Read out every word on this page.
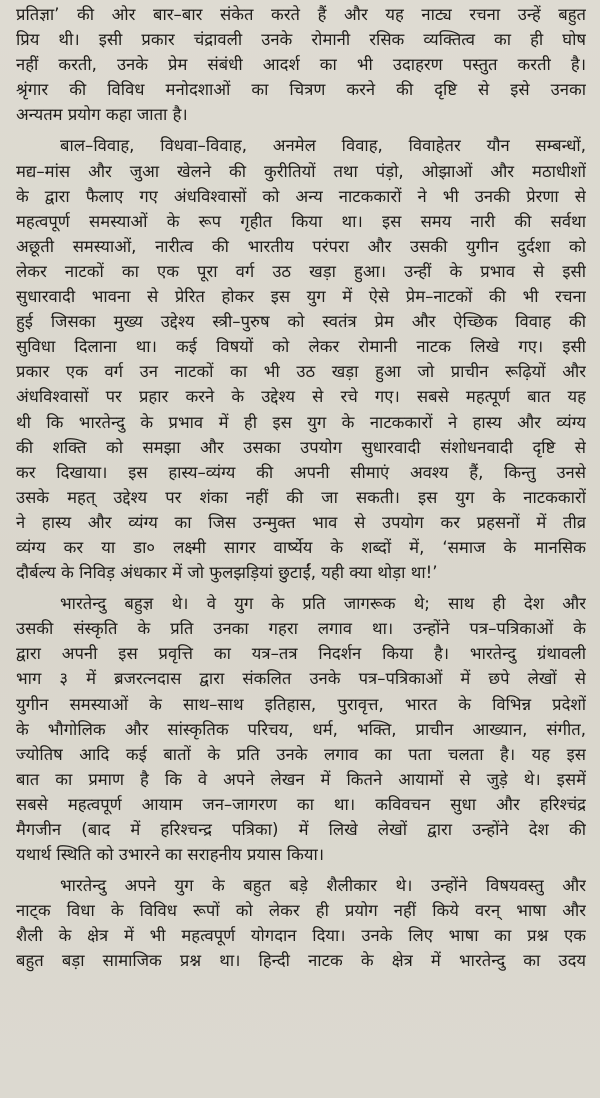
प्रतिज्ञा’ की ओर बार–बार संकेत करते हैं और यह नाट्य रचना उन्हें बहुत
प्रिय थी। इसी प्रकार चंद्रावली उनके रोमानी रसिक व्यक्तित्व का ही घोष
नहीं करती, उनके प्रेम संबंधी आदर्श का भी उदाहरण पस्तुत करती है।
श्रृंगार की विविध मनोदशाओं का चित्रण करने की दृष्टि से इसे उनका
अन्यतम प्रयोग कहा जाता है।

बाल–विवाह, विधवा–विवाह, अनमेल विवाह, विवाहेतर यौन सम्बन्धों,
मद्य–मांस और जुआ खेलने की कुरीतियों तथा पंड़ो, ओझाओं और मठाधीशों
के द्वारा फैलाए गए अंधविश्वासों को अन्य नाटककारों ने भी उनकी प्रेरणा से
महत्वपूर्ण समस्याओं के रूप गृहीत किया था। इस समय नारी की सर्वथा
अछूती समस्याओं, नारीत्व की भारतीय परंपरा और उसकी युगीन दुर्दशा को
लेकर नाटकों का एक पूरा वर्ग उठ खड़ा हुआ। उन्हीं के प्रभाव से इसी
सुधारवादी भावना से प्रेरित होकर इस युग में ऐसे प्रेम–नाटकों की भी रचना
हुई जिसका मुख्य उद्देश्य स्त्री–पुरुष को स्वतंत्र प्रेम और ऐच्छिक विवाह की
सुविधा दिलाना था। कई विषयों को लेकर रोमानी नाटक लिखे गए। इसी
प्रकार एक वर्ग उन नाटकों का भी उठ खड़ा हुआ जो प्राचीन रूढ़ियों और
अंधविश्वासों पर प्रहार करने के उद्देश्य से रचे गए। सबसे महत्पूर्ण बात यह
थी कि भारतेन्दु के प्रभाव में ही इस युग के नाटककारों ने हास्य और व्यंग्य
की शक्ति को समझा और उसका उपयोग सुधारवादी संशोधनवादी दृष्टि से
कर दिखाया। इस हास्य–व्यंग्य की अपनी सीमाएं अवश्य हैं, किन्तु उनसे
उसके महत् उद्देश्य पर शंका नहीं की जा सकती। इस युग के नाटककारों
ने हास्य और व्यंग्य का जिस उन्मुक्त भाव से उपयोग कर प्रहसनों में तीव्र
व्यंग्य कर या डा० लक्ष्मी सागर वार्ष्येय के शब्दों में, ‘समाज के मानसिक
दौर्बल्य के निविड़ अंधकार में जो फुलझड़ियां छुटाईं, यही क्या थोड़ा था!’

भारतेन्दु बहुज्ञ थे। वे युग के प्रति जागरूक थे; साथ ही देश और
उसकी संस्कृति के प्रति उनका गहरा लगाव था। उन्होंने पत्र–पत्रिकाओं के
द्वारा अपनी इस प्रवृत्ति का यत्र–तत्र निदर्शन किया है। भारतेन्दु ग्रंथावली
भाग ३ में ब्रजरत्नदास द्वारा संकलित उनके पत्र–पत्रिकाओं में छपे लेखों से
युगीन समस्याओं के साथ–साथ इतिहास, पुरावृत्त, भारत के विभिन्न प्रदेशों
के भौगोलिक और सांस्कृतिक परिचय, धर्म, भक्ति, प्राचीन आख्यान, संगीत,
ज्योतिष आदि कई बातों के प्रति उनके लगाव का पता चलता है। यह इस
बात का प्रमाण है कि वे अपने लेखन में कितने आयामों से जुड़े थे। इसमें
सबसे महत्वपूर्ण आयाम जन–जागरण का था। कविवचन सुधा और हरिश्चंद्र
मैगजीन (बाद में हरिश्चन्द्र पत्रिका) में लिखे लेखों द्वारा उन्होंने देश की
यथार्थ स्थिति को उभारने का सराहनीय प्रयास किया।

भारतेन्दु अपने युग के बहुत बड़े शैलीकार थे। उन्होंने विषयवस्तु और
नाट्क विधा के विविध रूपों को लेकर ही प्रयोग नहीं किये वरन् भाषा और
शैली के क्षेत्र में भी महत्वपूर्ण योगदान दिया। उनके लिए भाषा का प्रश्न एक
बहुत बड़ा सामाजिक प्रश्न था। हिन्दी नाटक के क्षेत्र में भारतेन्दु का उदय
